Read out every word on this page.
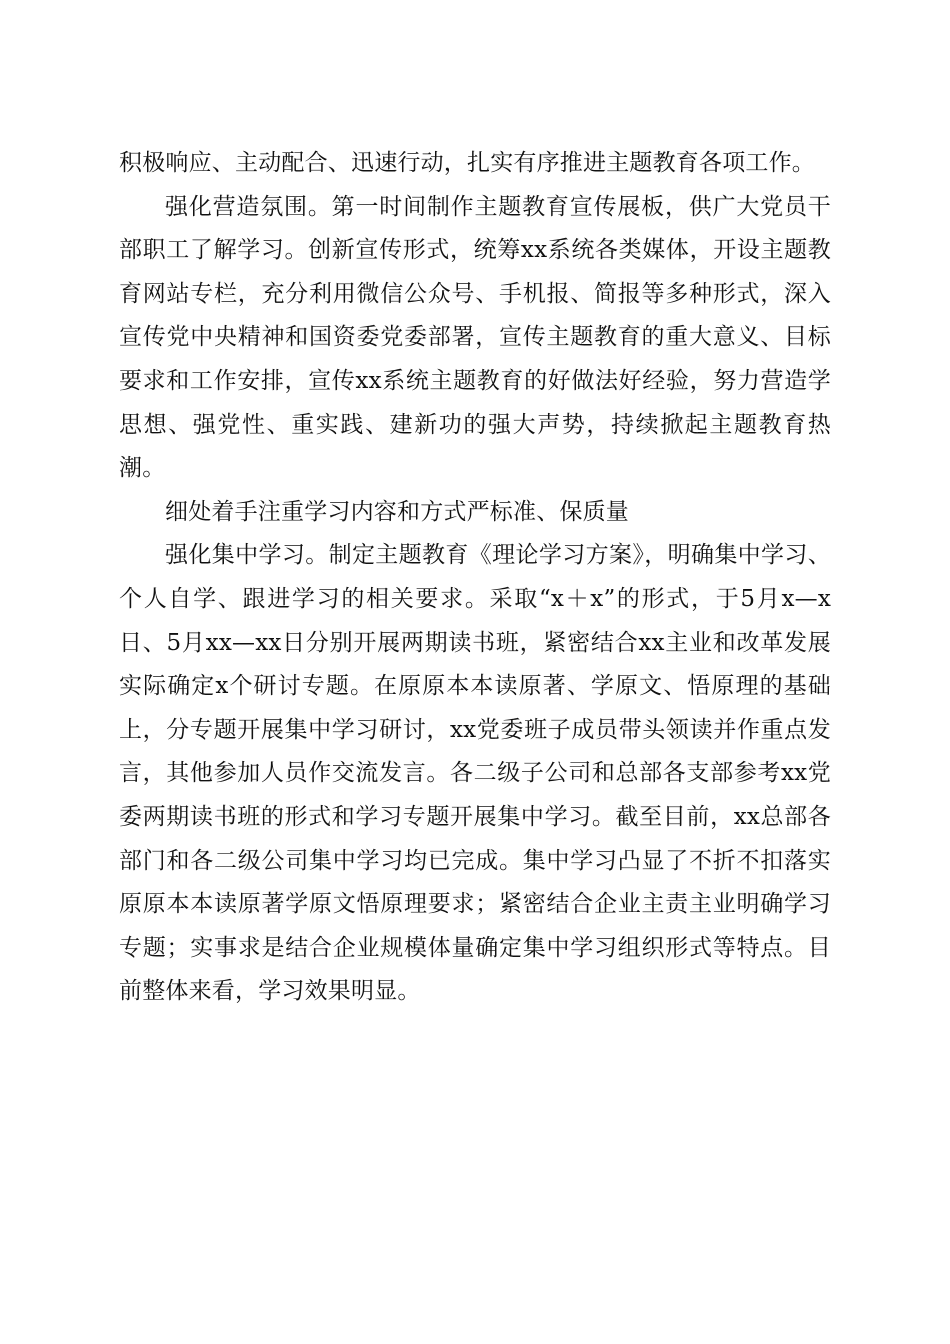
积极响应、主动配合、迅速行动，扎实有序推进主题教育各项工作。

强化营造氛围。第一时间制作主题教育宣传展板，供广大党员干部职工了解学习。创新宣传形式，统筹xx系统各类媒体，开设主题教育网站专栏，充分利用微信公众号、手机报、简报等多种形式，深入宣传党中央精神和国资委党委部署，宣传主题教育的重大意义、目标要求和工作安排，宣传xx系统主题教育的好做法好经验，努力营造学思想、强党性、重实践、建新功的强大声势，持续掀起主题教育热潮。

细处着手注重学习内容和方式严标准、保质量

强化集中学习。制定主题教育《理论学习方案》，明确集中学习、个人自学、跟进学习的相关要求。采取“x＋x”的形式，于5月x—x日、5月xx—xx日分别开展两期读书班，紧密结合xx主业和改革发展实际确定x个研讨专题。在原原本本读原著、学原文、悟原理的基础上，分专题开展集中学习研讨，xx党委班子成员带头领读并作重点发言，其他参加人员作交流发言。各二级子公司和总部各支部参考xx党委两期读书班的形式和学习专题开展集中学习。截至目前，xx总部各部门和各二级公司集中学习均已完成。集中学习凸显了不折不扣落实原原本本读原著学原文悟原理要求；紧密结合企业主责主业明确学习专题；实事求是结合企业规模体量确定集中学习组织形式等特点。目前整体来看，学习效果明显。
